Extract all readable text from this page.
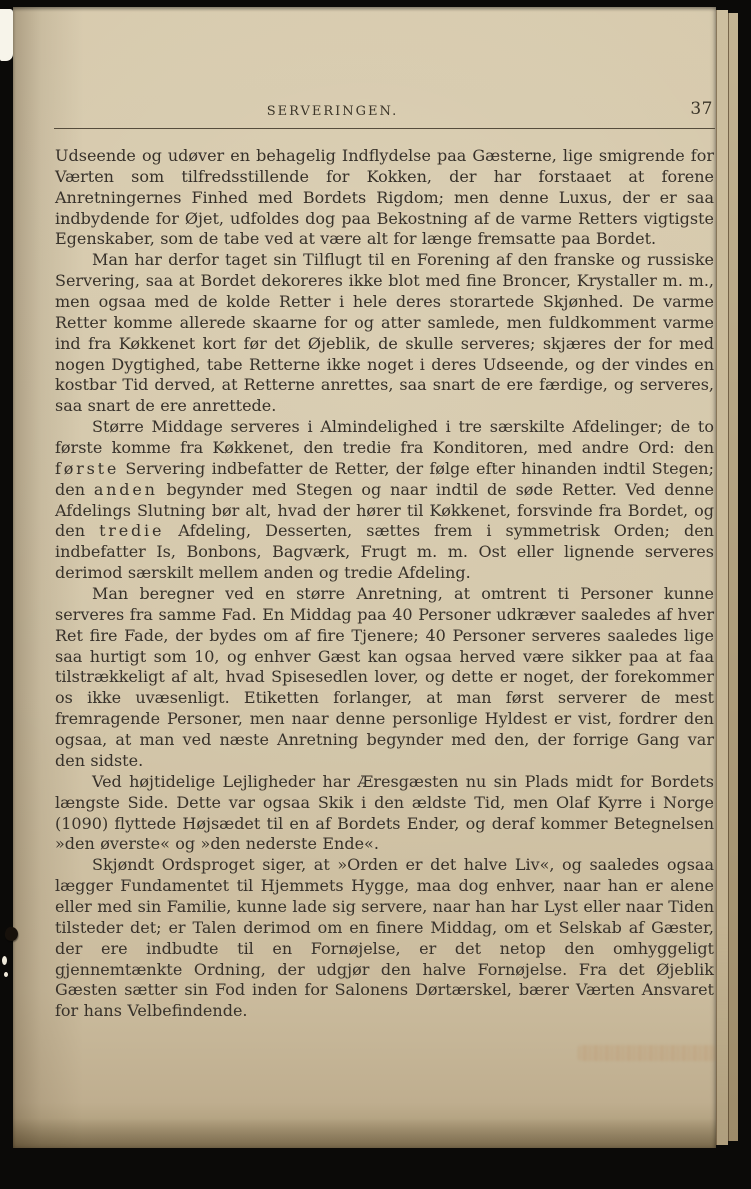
SERVERINGEN.	37

Udseende og udøver en behagelig Indflydelse paa Gæsterne, lige smigrende for Værten som tilfredsstillende for Kokken, der har forstaaet at forene Anretningernes Finhed med Bordets Rigdom; men denne Luxus, der er saa indbydende for Øjet, udfoldes dog paa Bekostning af de varme Retters vigtigste Egenskaber, som de tabe ved at være alt for længe fremsatte paa Bordet.

Man har derfor taget sin Tilflugt til en Forening af den franske og russiske Servering, saa at Bordet dekoreres ikke blot med fine Broncer, Krystaller m. m., men ogsaa med de kolde Retter i hele deres storartede Skjønhed. De varme Retter komme allerede skaarne for og atter samlede, men fuldkomment varme ind fra Køkkenet kort før det Øjeblik, de skulle serveres; skjæres der for med nogen Dygtighed, tabe Retterne ikke noget i deres Udseende, og der vindes en kostbar Tid derved, at Retterne anrettes, saa snart de ere færdige, og serveres, saa snart de ere anrettede.

Større Middage serveres i Almindelighed i tre særskilte Afdelinger; de to første komme fra Køkkenet, den tredie fra Konditoren, med andre Ord: den første Servering indbefatter de Retter, der følge efter hinanden indtil Stegen; den anden begynder med Stegen og naar indtil de søde Retter. Ved denne Afdelings Slutning bør alt, hvad der hører til Køkkenet, forsvinde fra Bordet, og den tredie Afdeling, Desserten, sættes frem i symmetrisk Orden; den indbefatter Is, Bonbons, Bagværk, Frugt m. m. Ost eller lignende serveres derimod særskilt mellem anden og tredie Afdeling.

Man beregner ved en større Anretning, at omtrent ti Personer kunne serveres fra samme Fad. En Middag paa 40 Personer udkræver saaledes af hver Ret fire Fade, der bydes om af fire Tjenere; 40 Personer serveres saaledes lige saa hurtigt som 10, og enhver Gæst kan ogsaa herved være sikker paa at faa tilstrækkeligt af alt, hvad Spisesedlen lover, og dette er noget, der forekommer os ikke uvæsenligt. Etiketten forlanger, at man først serverer de mest fremragende Personer, men naar denne personlige Hyldest er vist, fordrer den ogsaa, at man ved næste Anretning begynder med den, der forrige Gang var den sidste.

Ved højtidelige Lejligheder har Æresgæsten nu sin Plads midt for Bordets længste Side. Dette var ogsaa Skik i den ældste Tid, men Olaf Kyrre i Norge (1090) flyttede Højsædet til en af Bordets Ender, og deraf kommer Betegnelsen »den øverste« og »den nederste Ende«.

Skjøndt Ordsproget siger, at »Orden er det halve Liv«, og saaledes ogsaa lægger Fundamentet til Hjemmets Hygge, maa dog enhver, naar han er alene eller med sin Familie, kunne lade sig servere, naar han har Lyst eller naar Tiden tilsteder det; er Talen derimod om en finere Middag, om et Selskab af Gæster, der ere indbudte til en Fornøjelse, er det netop den omhyggeligt gjennemtænkte Ordning, der udgjør den halve Fornøjelse. Fra det Øjeblik Gæsten sætter sin Fod inden for Salonens Dørtærskel, bærer Værten Ansvaret for hans Velbefindende.
